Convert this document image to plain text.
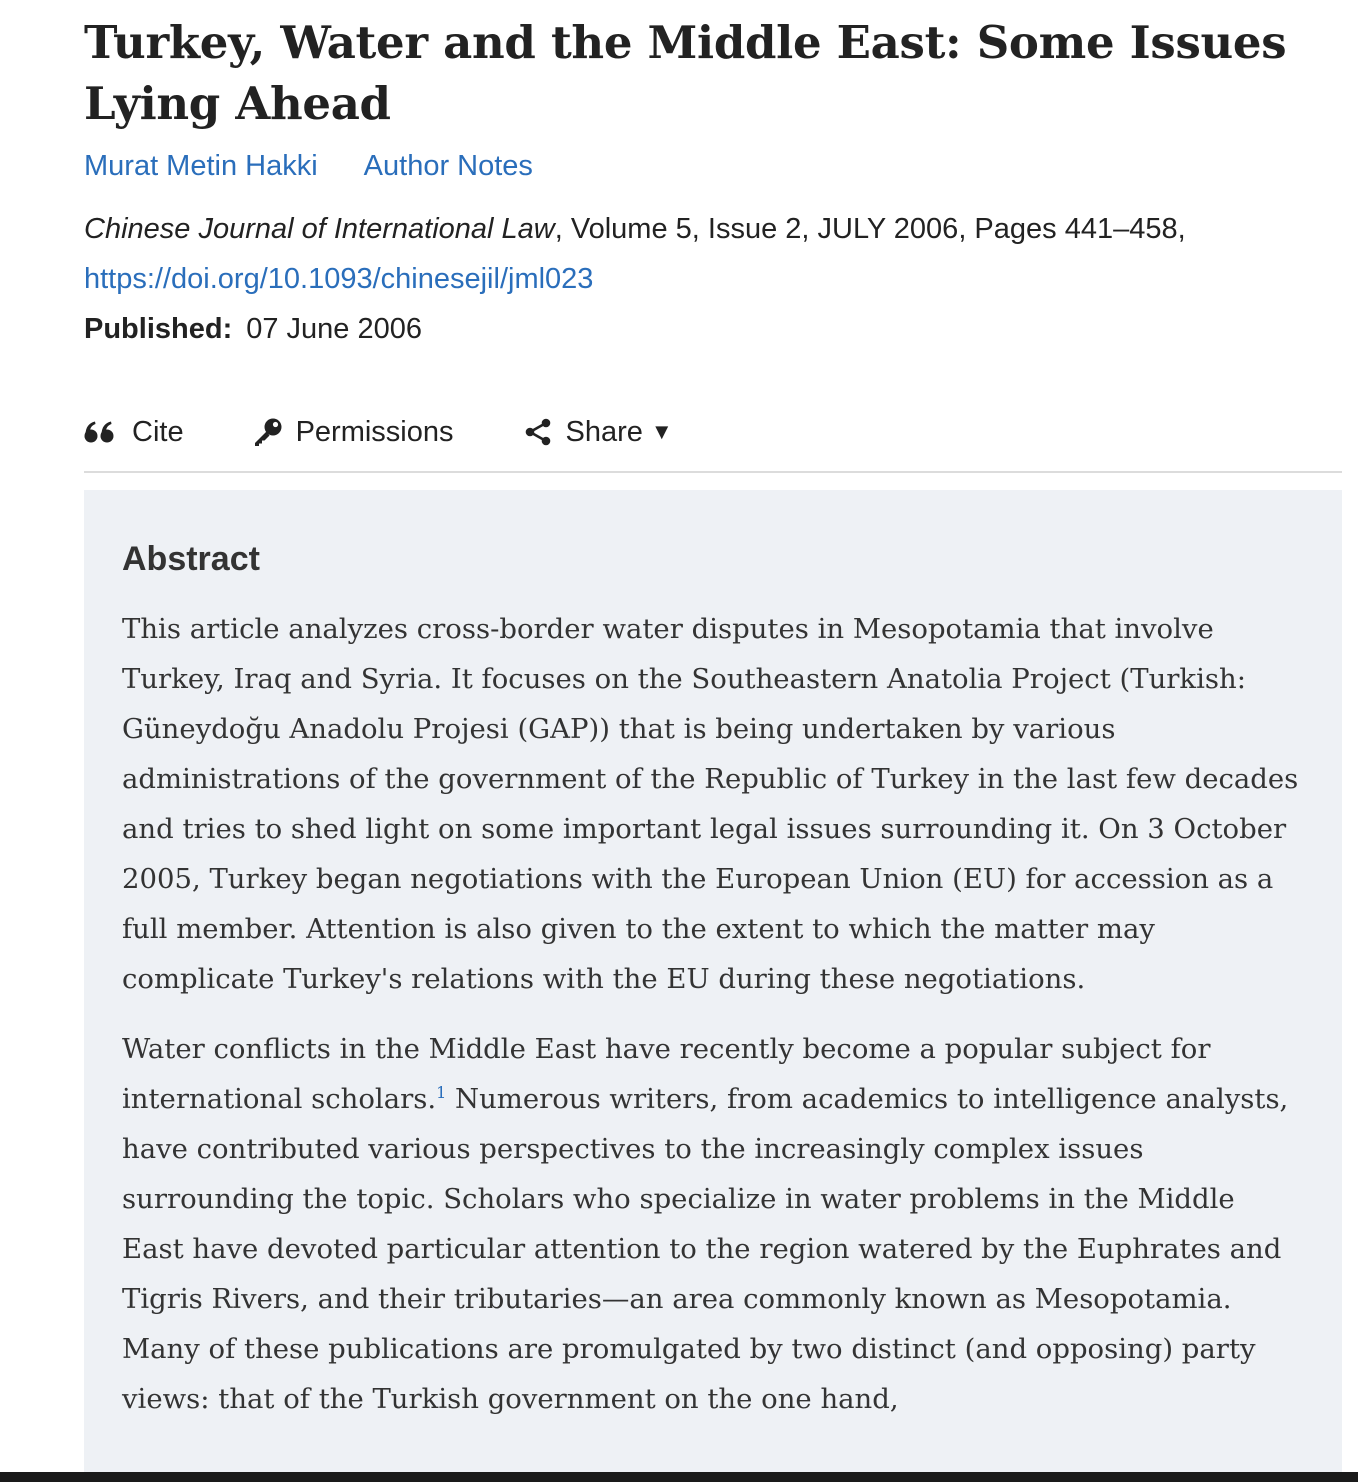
Turkey, Water and the Middle East: Some Issues Lying Ahead
Murat Metin Hakki Author Notes
Chinese Journal of International Law, Volume 5, Issue 2, JULY 2006, Pages 441–458,
https://doi.org/10.1093/chinesejil/jml023
Published: 07 June 2006
Cite	Permissions	Share ▼
Abstract

This article analyzes cross-border water disputes in Mesopotamia that involve Turkey, Iraq and Syria. It focuses on the Southeastern Anatolia Project (Turkish: Güneydoğu Anadolu Projesi (GAP)) that is being undertaken by various administrations of the government of the Republic of Turkey in the last few decades and tries to shed light on some important legal issues surrounding it. On 3 October 2005, Turkey began negotiations with the European Union (EU) for accession as a full member. Attention is also given to the extent to which the matter may complicate Turkey's relations with the EU during these negotiations.

Water conflicts in the Middle East have recently become a popular subject for international scholars.$^1$ Numerous writers, from academics to intelligence analysts, have contributed various perspectives to the increasingly complex issues surrounding the topic. Scholars who specialize in water problems in the Middle East have devoted particular attention to the region watered by the Euphrates and Tigris Rivers, and their tributaries—an area commonly known as Mesopotamia. Many of these publications are promulgated by two distinct (and opposing) party views: that of the Turkish government on the one hand,
